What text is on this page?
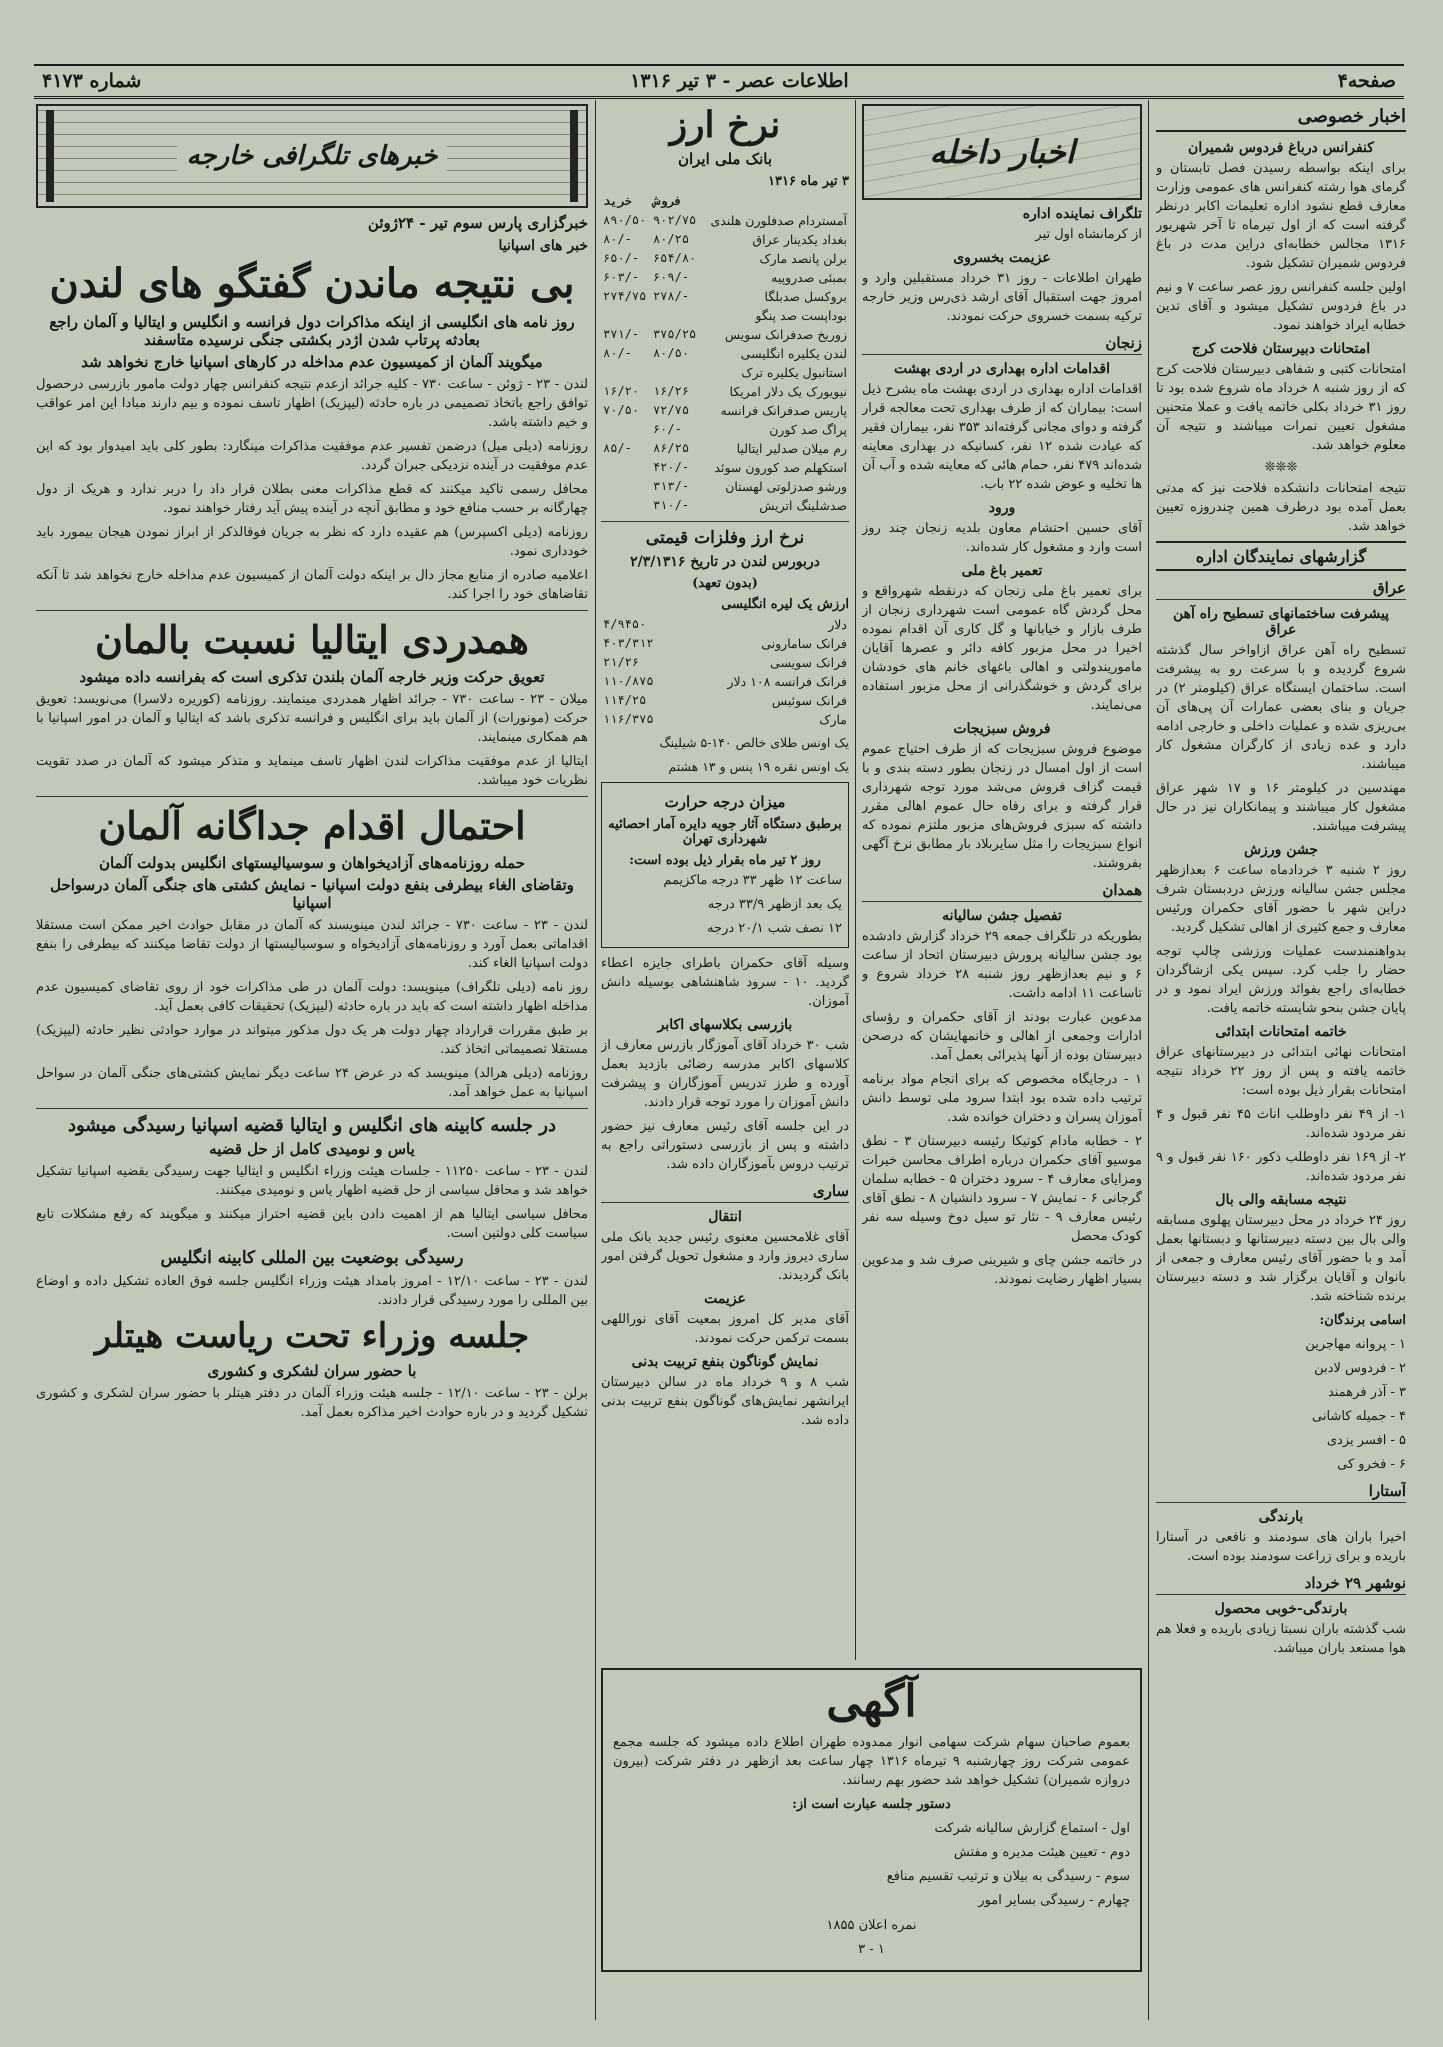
صفحه۴
اطلاعات عصر - ۳ تیر ۱۳۱۶
شماره ۴۱۷۳
اخبار خصوصی
کنفرانس درباغ فردوس شمیران

برای اینکه بواسطه رسیدن فصل تابستان و گرمای هوا رشته کنفرانس های عمومی وزارت معارف قطع نشود اداره تعلیمات اکابر درنظر گرفته است که از اول تیرماه تا آخر شهریور ۱۳۱۶ مجالس خطابه‌ای دراین مدت در باغ فردوس شمیران تشکیل شود.

اولین جلسه کنفرانس روز عصر ساعت ۷ و نیم در باغ فردوس تشکیل میشود و آقای تدین خطابه ایراد خواهند نمود.

امتحانات دبیرستان فلاحت کرج

امتحانات کتبی و شفاهی دبیرستان فلاحت کرج که از روز شنبه ۸ خرداد ماه شروع شده بود تا روز ۳۱ خرداد بکلی خاتمه یافت و عملا متحنین مشغول تعیین نمرات میباشند و نتیجه آن معلوم خواهد شد.

❊❊❊

نتیجه امتحانات دانشکده فلاحت نیز که مدتی بعمل آمده بود درطرف همین چندروزه تعیین خواهد شد.

گزارشهای نمایندگان اداره
عراق
پیشرفت ساختمانهای تسطیح راه آهن عراق

تسطیح راه آهن عراق ازاواخر سال گذشته شروع گردیده و با سرعت رو به پیشرفت است. ساختمان ایستگاه عراق (کیلومتر ۲) در جریان و بنای بعضی عمارات آن پی‌های آن بی‌ریزی شده و عملیات داخلی و خارجی ادامه دارد و عده زیادی از کارگران مشغول کار میباشند.

مهندسین در کیلومتر ۱۶ و ۱۷ شهر عراق مشغول کار میباشند و پیمانکاران نیز در حال پیشرفت میباشند.

جشن ورزش

روز ۲ شنبه ۳ خردادماه ساعت ۶ بعدازظهر مجلس جشن سالیانه ورزش دردبستان شرف دراین شهر با حضور آقای حکمران ورئیس معارف و جمع کثیری از اهالی تشکیل گردید.

بدواهنمندست عملیات ورزشی چالپ توجه حضار را جلب کرد. سپس یکی ازشاگردان خطابه‌ای راجع بفوائد ورزش ایراد نمود و در پایان جشن بنحو شایسته خاتمه یافت.

خاتمه امتحانات ابتدائی

امتحانات نهائی ابتدائی در دبیرستانهای عراق خاتمه یافته و پس از روز ۲۲ خرداد نتیجه امتحانات بقرار ذیل بوده است:

۱- از ۴۹ نفر داوطلب اناث ۴۵ نفر قبول و ۴ نفر مردود شده‌اند.

۲- از ۱۶۹ نفر داوطلب ذکور ۱۶۰ نفر قبول و ۹ نفر مردود شده‌اند.

نتیجه مسابقه والی بال

روز ۲۴ خرداد در محل دبیرستان پهلوی مسابقه والی بال بین دسته دبیرستانها و دبستانها بعمل آمد و با حضور آقای رئیس معارف و جمعی از بانوان و آقایان برگزار شد و دسته دبیرستان برنده شناخته شد.

اسامی برندگان:

۱ - پروانه مهاجرین

۲ - فردوس لادبن

۳ - آذر فرهمند

۴ - جمیله کاشانی

۵ - افسر یزدی

۶ - فخرو کی

آستارا
بارندگی

اخیرا باران های سودمند و نافعی در آستارا باریده و برای زراعت سودمند بوده است.

نوشهر ۲۹ خرداد
بارندگی-خوبی محصول

شب گذشته باران نسبتا زیادی باریده و فعلا هم هوا مستعد باران میباشد.

اخبار داخله
تلگراف نماینده اداره

از کرمانشاه اول تیر

عزیمت بخسروی

طهران اطلاعات - روز ۳۱ خرداد مستقبلین وارد و امروز جهت استقبال آقای ارشد ذی‌رس وزیر خارجه ترکیه بسمت خسروی حرکت نمودند.

زنجان
اقدامات اداره بهداری در اردی بهشت

اقدامات اداره بهداری در اردی بهشت ماه بشرح ذیل است: بیماران که از طرف بهداری تحت معالجه قرار گرفته و دوای مجانی گرفته‌اند ۳۵۳ نفر، بیماران فقیر که عیادت شده ۱۲ نفر، کسانیکه در بهداری معاینه شده‌اند ۴۷۹ نفر، حمام هائی که معاینه شده و آب آن ها تخلیه و عوض شده ۲۲ باب.

ورود

آقای حسین احتشام معاون بلدیه زنجان چند روز است وارد و مشغول کار شده‌اند.

تعمیر باغ ملی

برای تعمیر باغ ملی زنجان که درنقطه شهرواقع و محل گردش گاه عمومی است شهرداری زنجان از طرف بازار و خیابانها و گل کاری آن اقدام نموده اخیرا در محل مزبور کافه دائر و عصرها آقایان ماموریندولتی و اهالی باغهای خانم های خودشان برای گردش و خوشگذرانی از محل مزبور استفاده می‌نمایند.

فروش سبزیجات

موضوع فروش سبزیجات که از طرف احتیاج عموم است از اول امسال در زنجان بطور دسته بندی و با قیمت گزاف فروش می‌شد مورد توجه شهرداری قرار گرفته و برای رفاه حال عموم اهالی مقرر داشته که سبزی فروش‌های مزبور ملتزم نموده که انواع سبزیجات را مثل سایربلاد بار مطابق نرخ آگهی بفروشند.

همدان
تفصیل جشن سالیانه

بطوریکه در تلگراف جمعه ۲۹ خرداد گزارش دادشده بود جشن سالیانه پرورش دبیرستان اتحاد از ساعت ۶ و نیم بعدازظهر روز شنبه ۲۸ خرداد شروع و تاساعت ۱۱ ادامه داشت.

مدعوین عبارت بودند از آقای حکمران و رؤسای ادارات وجمعی از اهالی و خانمهایشان که درصحن دبیرستان بوده از آنها پذیرائی بعمل آمد.

۱ - درجایگاه مخصوص که برای انجام مواد برنامه ترتیب داده شده بود ابتدا سرود ملی توسط دانش آموزان پسران و دختران خوانده شد.

۲ - خطابه مادام کوتیکا رئیسه دبیرستان ۳ - نطق موسیو آقای حکمران درباره اطراف محاسن خیرات ومزایای معارف ۴ - سرود دختران ۵ - خطابه سلمان گرجانی ۶ - نمایش ۷ - سرود دانشیان ۸ - نطق آقای رئیس معارف ۹ - نثار تو سیل دوخ وسیله سه نفر کودک محصل

در خاتمه جشن چای و شیرینی صرف شد و مدعوین بسیار اظهار رضایت نمودند.

نرخ ارز
بانک ملی ایران
۳ تیر ماه ۱۳۱۶
	فروش	خرید
آمستردام صدفلورن هلندی	۹۰۲/۷۵	۸۹۰/۵۰
بغداد یکدینار عراق	۸۰/۲۵	۸۰/-
برلن پانصد مارک	۶۵۴/۸۰	۶۵۰/-
بمبئی صدروپیه	۶۰۹/-	۶۰۳/-
بروکسل صدبلگا	۲۷۸/-	۲۷۴/۷۵
بوداپست صد پنگو		
زوریخ صدفرانک سویس	۳۷۵/۲۵	۳۷۱/-
لندن یکلیره انگلیسی	۸۰/۵۰	۸۰/-
استانبول یکلیره ترک		
نیویورک یک دلار امریکا	۱۶/۲۶	۱۶/۲۰
پاریس صدفرانک فرانسه	۷۲/۷۵	۷۰/۵۰
پراگ صد کورن	۶۰/-	
رم میلان صدلیر ایتالیا	۸۶/۲۵	۸۵/-
استکهلم صد کورون سوئد	۴۲۰/-	
ورشو صدزلوتی لهستان	۳۱۳/-	
صدشلینگ اتریش	۳۱۰/-	
نرخ ارز وفلزات قیمتی
دربورس لندن در تاریخ ۲/۳/۱۳۱۶
(بدون تعهد)
ارزش یک لیره انگلیسی
دلار	۴/۹۴۵۰
فرانک سامارونی	۴۰۳/۳۱۲
فرانک سویسی	۲۱/۲۶
فرانک فرانسه ۱۰۸ دلار	۱۱۰/۸۷۵
فرانک سوئیس	۱۱۴/۲۵
مارک	۱۱۶/۳۷۵

یک اونس طلای خالص ۱۴۰-۵ شیلینگ

یک اونس نقره ۱۹ پنس و ۱۳ هشتم

میزان درجه حرارت
برطبق دستگاه آثار جویه دایره آمار احصائیه شهرداری تهران
روز ۲ تیر ماه بقرار ذیل بوده است:

ساعت ۱۲ ظهر ۳۳ درجه ماکزیمم

یک بعد ازظهر ۳۳/۹ درجه

۱۲ نصف شب ۲۰/۱ درجه

وسیله آقای حکمران باطرای جایزه اعطاء گردید. ۱۰ - سرود شاهنشاهی بوسیله دانش آموزان.

بازرسی بکلاسهای اکابر

شب ۳۰ خرداد آقای آموزگار بازرس معارف از کلاسهای اکابر مدرسه رضائی بازدید بعمل آورده و طرز تدریس آموزگاران و پیشرفت دانش آموزان را مورد توجه قرار دادند.

در این جلسه آقای رئیس معارف نیز حضور داشته و پس از بازرسی دستوراتی راجع به ترتیب دروس بآموزگاران داده شد.

ساری
انتقال

آقای غلامحسین معنوی رئیس جدید بانک ملی ساری دیروز وارد و مشغول تحویل گرفتن امور بانک گردیدند.

عزیمت

آقای مدیر کل امروز بمعیت آقای نوراللهی بسمت ترکمن حرکت نمودند.

نمایش گوناگون بنفع تربیت بدنی

شب ۸ و ۹ خرداد ماه در سالن دبیرستان ایرانشهر نمایش‌های گوناگون بنفع تربیت بدنی داده شد.

آگهی

بعموم صاحبان سهام شرکت سهامی انوار ممدوده طهران اطلاع داده میشود که جلسه مجمع عمومی شرکت روز چهارشنبه ۹ تیرماه ۱۳۱۶ چهار ساعت بعد ازظهر در دفتر شرکت (بیرون دروازه شمیران) تشکیل خواهد شد حضور بهم رسانند.

دستور جلسه عبارت است از:

اول - استماع گزارش سالیانه شرکت

دوم - تعیین هیئت مدیره و مفتش

سوم - رسیدگی به بیلان و ترتیب تقسیم منافع

چهارم - رسیدگی بسایر امور

نمره اعلان ۱۸۵۵

۱ - ۳

خبرهای تلگرافی خارجه
خبرگزاری پارس سوم تیر - ۲۴ژوئن
خبر های اسپانیا
بی نتیجه ماندن گفتگو های لندن
روز نامه های انگلیسی از اینکه مذاکرات دول فرانسه و انگلیس و ایتالیا و آلمان راجع بعادثه پرتاب شدن اژدر بکشتی جنگی نرسیده متاسفند
میگویند آلمان از کمیسیون عدم مداخله در کارهای اسپانیا خارج نخواهد شد

لندن - ۲۳ - ژوئن - ساعت ۷۳۰ - کلیه جرائد ازعدم نتیجه کنفرانس چهار دولت مامور بازرسی درحصول توافق راجع باتخاذ تصمیمی در باره حادثه (لیپزیک) اظهار تاسف نموده و بیم دارند مبادا این امر عواقب و خیم داشته باشد.

روزنامه (دیلی میل) درضمن تفسیر عدم موفقیت مذاکرات مینگارد: بطور کلی باید امیدوار بود که این عدم موفقیت در آینده نزدیکی جبران گردد.

محافل رسمی تاکید میکنند که قطع مذاکرات معنی بطلان قرار داد را دربر ندارد و هریک از دول چهارگانه بر حسب منافع خود و مطابق آنچه در آینده پیش آید رفتار خواهند نمود.

روزنامه (دیلی اکسپرس) هم عقیده دارد که نظر به جریان فوقالذکر از ابراز نمودن هیجان بیمورد باید خودداری نمود.

اعلامیه صادره از منابع مجاز دال بر اینکه دولت آلمان از کمیسیون عدم مداخله خارج نخواهد شد تا آنکه تقاضاهای خود را اجرا کند.

همدردی ایتالیا نسبت بالمان
تعویق حرکت وزیر خارجه آلمان بلندن تذکری است که بفرانسه داده میشود

میلان - ۲۳ - ساعت ۷۳۰ - جرائد اظهار همدردی مینمایند. روزنامه (کوریره دلاسرا) می‌نویسد: تعویق حرکت (مونورات) از آلمان باید برای انگلیس و فرانسه تذکری باشد که ایتالیا و آلمان در امور اسپانیا با هم همکاری مینمایند.

ایتالیا از عدم موفقیت مذاکرات لندن اظهار تاسف مینماید و متذکر میشود که آلمان در صدد تقویت نظریات خود میباشد.

احتمال اقدام جداگانه آلمان
حمله روزنامه‌های آزادیخواهان و سوسیالیستهای انگلیس بدولت آلمان
وتقاضای الغاء بیطرفی بنفع دولت اسپانیا - نمایش کشتی های جنگی آلمان درسواحل اسپانیا

لندن - ۲۳ - ساعت ۷۳۰ - جرائد لندن مینویسند که آلمان در مقابل حوادث اخیر ممکن است مستقلا اقداماتی بعمل آورد و روزنامه‌های آزادیخواه و سوسیالیستها از دولت تقاضا میکنند که بیطرفی را بنفع دولت اسپانیا الغاء کند.

روز نامه (دیلی تلگراف) مینویسد: دولت آلمان در طی مذاکرات خود از روی تقاضای کمیسیون عدم مداخله اظهار داشته است که باید در باره حادثه (لیپزیک) تحقیقات کافی بعمل آید.

بر طبق مقررات قرارداد چهار دولت هر یک دول مذکور میتواند در موارد حوادثی نظیر حادثه (لیپزیک) مستقلا تصمیماتی اتخاذ کند.

روزنامه (دیلی هرالد) مینویسد که در عرض ۲۴ ساعت دیگر نمایش کشتی‌های جنگی آلمان در سواحل اسپانیا به عمل خواهد آمد.

در جلسه کابینه های انگلیس و ایتالیا قضیه اسپانیا رسیدگی میشود
یاس و نومیدی کامل از حل قضیه

لندن - ۲۳ - ساعت ۱۱۲۵۰ - جلسات هیئت وزراء انگلیس و ایتالیا جهت رسیدگی بقضیه اسپانیا تشکیل خواهد شد و محافل سیاسی از حل قضیه اظهار یاس و نومیدی میکنند.

محافل سیاسی ایتالیا هم از اهمیت دادن باین قضیه احتراز میکنند و میگویند که رفع مشکلات تابع سیاست کلی دولتین است.

رسیدگی بوضعیت بین المللی کابینه انگلیس

لندن - ۲۳ - ساعت ۱۲/۱۰ - امروز بامداد هیئت وزراء انگلیس جلسه فوق العاده تشکیل داده و اوضاع بین المللی را مورد رسیدگی قرار دادند.

جلسه وزراء تحت ریاست هیتلر
با حضور سران لشکری و کشوری

برلن - ۲۳ - ساعت ۱۲/۱۰ - جلسه هیئت وزراء آلمان در دفتر هیتلر با حضور سران لشکری و کشوری تشکیل گردید و در باره حوادث اخیر مذاکره بعمل آمد.
